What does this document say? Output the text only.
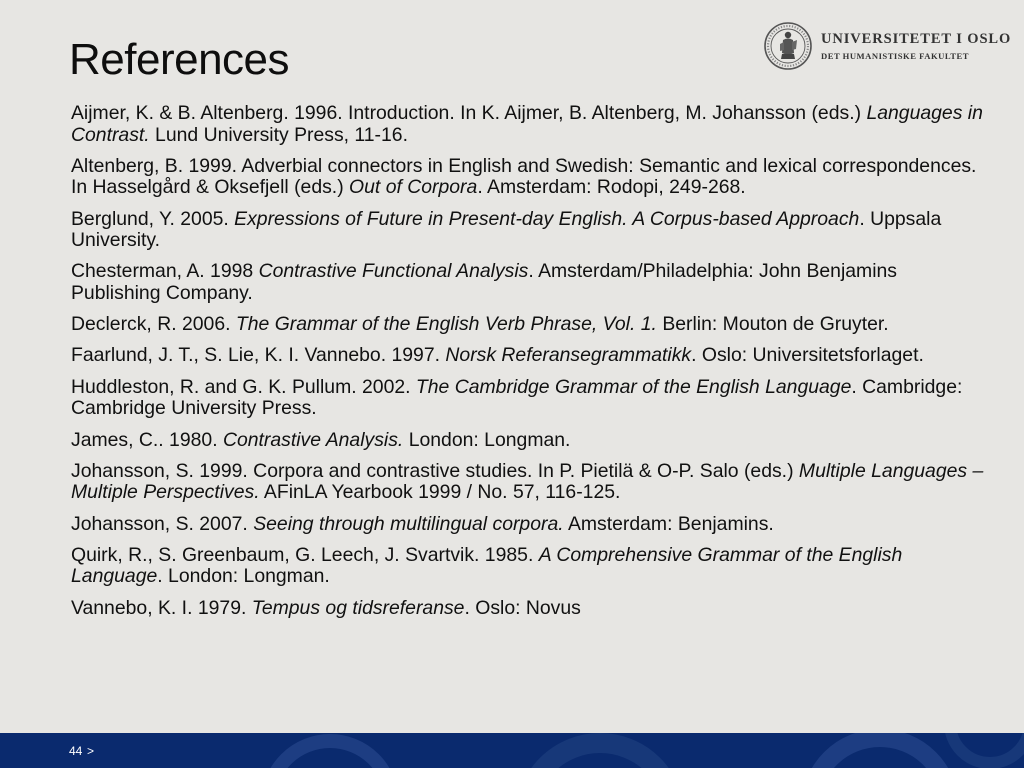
References	UNIVERSITETET I OSLO
DET HUMANISTISKE FAKULTET
Aijmer, K. & B. Altenberg. 1996. Introduction. In K. Aijmer, B. Altenberg, M. Johansson (eds.) Languages in Contrast. Lund University Press, 11-16.
Altenberg, B. 1999. Adverbial connectors in English and Swedish: Semantic and lexical correspondences. In Hasselgård & Oksefjell (eds.) Out of Corpora. Amsterdam: Rodopi, 249-268.
Berglund, Y. 2005. Expressions of Future in Present-day English. A Corpus-based Approach. Uppsala University.
Chesterman, A. 1998 Contrastive Functional Analysis. Amsterdam/Philadelphia: John Benjamins Publishing Company.
Declerck, R. 2006. The Grammar of the English Verb Phrase, Vol. 1. Berlin: Mouton de Gruyter.
Faarlund, J. T., S. Lie, K. I. Vannebo. 1997. Norsk Referansegrammatikk. Oslo: Universitetsforlaget.
Huddleston, R. and G. K. Pullum. 2002. The Cambridge Grammar of the English Language. Cambridge: Cambridge University Press.
James, C.. 1980. Contrastive Analysis. London: Longman.
Johansson, S. 1999. Corpora and contrastive studies. In P. Pietilä & O-P. Salo (eds.) Multiple Languages – Multiple Perspectives. AFinLA Yearbook 1999 / No. 57, 116-125.
Johansson, S. 2007. Seeing through multilingual corpora. Amsterdam: Benjamins.
Quirk, R., S. Greenbaum, G. Leech, J. Svartvik. 1985. A Comprehensive Grammar of the English Language. London: Longman.
Vannebo, K. I. 1979. Tempus og tidsreferanse. Oslo: Novus
44 >
